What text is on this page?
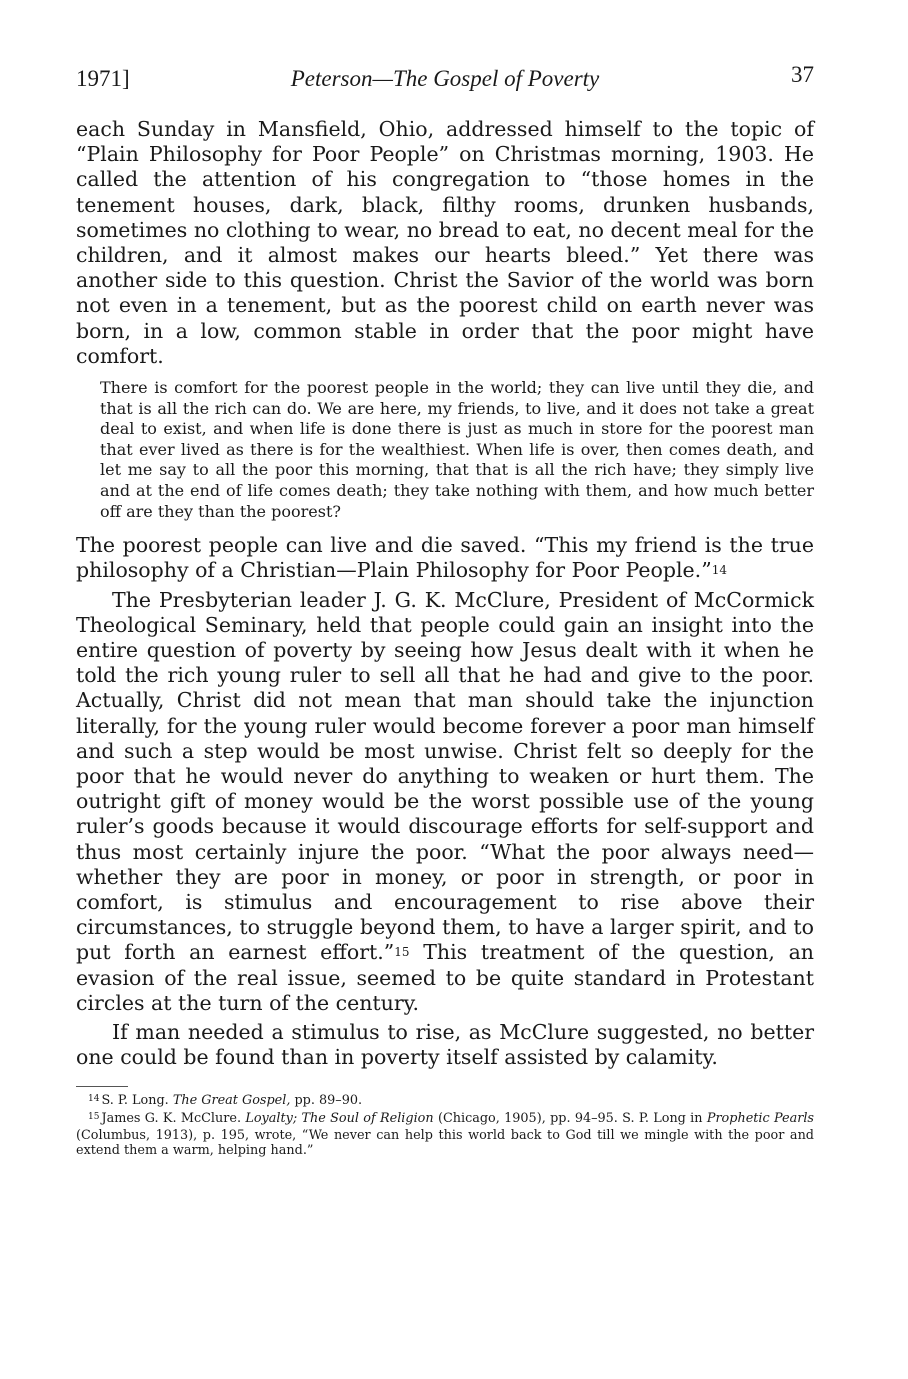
1971]	Peterson—The Gospel of Poverty	37

each Sunday in Mansfield, Ohio, addressed himself to the topic of “Plain Philosophy for Poor People” on Christmas morning, 1903. He called the attention of his congregation to “those homes in the tenement houses, dark, black, filthy rooms, drunken husbands, sometimes no clothing to wear, no bread to eat, no decent meal for the children, and it almost makes our hearts bleed.” Yet there was another side to this question. Christ the Savior of the world was born not even in a tenement, but as the poorest child on earth never was born, in a low, common stable in order that the poor might have comfort.

There is comfort for the poorest people in the world; they can live until they die, and that is all the rich can do. We are here, my friends, to live, and it does not take a great deal to exist, and when life is done there is just as much in store for the poorest man that ever lived as there is for the wealthiest. When life is over, then comes death, and let me say to all the poor this morning, that that is all the rich have; they simply live and at the end of life comes death; they take nothing with them, and how much better off are they than the poorest?

The poorest people can live and die saved. “This my friend is the true philosophy of a Christian—Plain Philosophy for Poor People.”$^{14}$

The Presbyterian leader J. G. K. McClure, President of McCormick Theological Seminary, held that people could gain an insight into the entire question of poverty by seeing how Jesus dealt with it when he told the rich young ruler to sell all that he had and give to the poor. Actually, Christ did not mean that man should take the injunction literally, for the young ruler would become forever a poor man himself and such a step would be most unwise. Christ felt so deeply for the poor that he would never do anything to weaken or hurt them. The outright gift of money would be the worst possible use of the young ruler’s goods because it would discourage efforts for self-support and thus most certainly injure the poor. “What the poor always need—whether they are poor in money, or poor in strength, or poor in comfort, is stimulus and encouragement to rise above their circumstances, to struggle beyond them, to have a larger spirit, and to put forth an earnest effort.”$^{15}$ This treatment of the question, an evasion of the real issue, seemed to be quite standard in Protestant circles at the turn of the century.

If man needed a stimulus to rise, as McClure suggested, no better one could be found than in poverty itself assisted by calamity.

$^{14}$ S. P. Long. The Great Gospel, pp. 89–90.

$^{15}$ James G. K. McClure. Loyalty; The Soul of Religion (Chicago, 1905), pp. 94–95. S. P. Long in Prophetic Pearls (Columbus, 1913), p. 195, wrote, “We never can help this world back to God till we mingle with the poor and extend them a warm, helping hand.”
